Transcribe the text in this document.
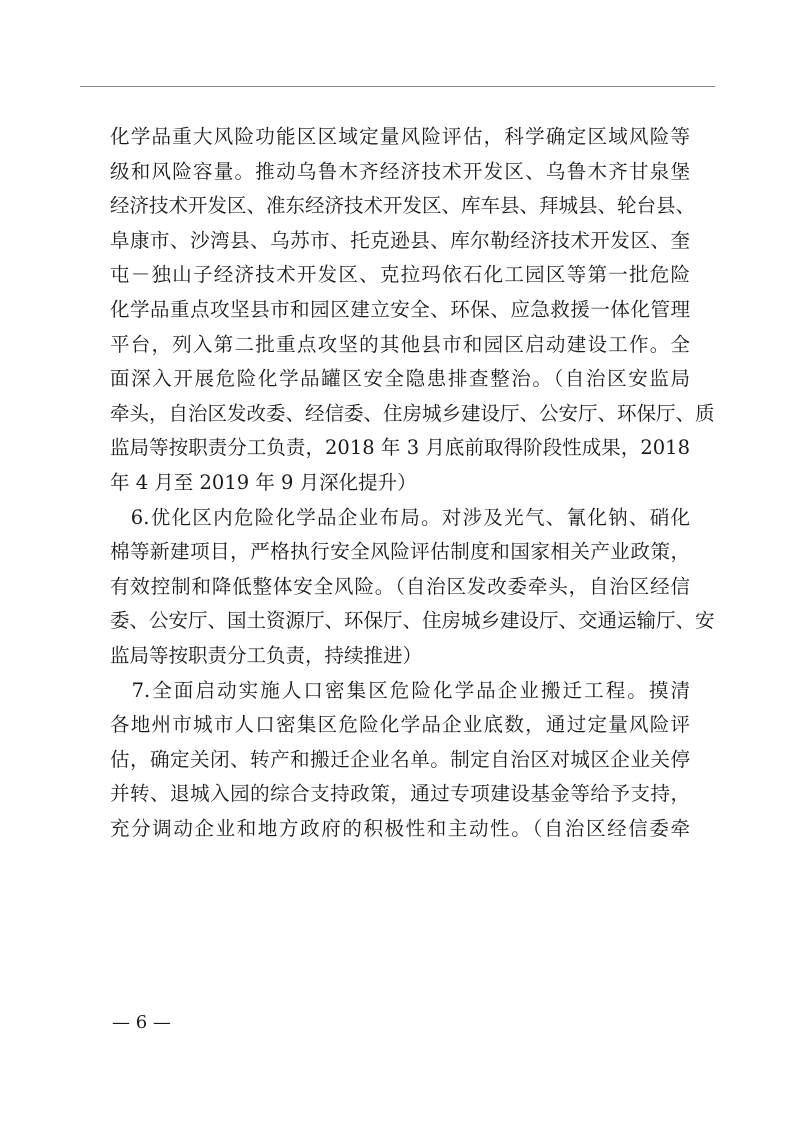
化学品重大风险功能区区域定量风险评估，科学确定区域风险等
级和风险容量。推动乌鲁木齐经济技术开发区、乌鲁木齐甘泉堡
经济技术开发区、准东经济技术开发区、库车县、拜城县、轮台县、
阜康市、沙湾县、乌苏市、托克逊县、库尔勒经济技术开发区、奎
屯－独山子经济技术开发区、克拉玛依石化工园区等第一批危险
化学品重点攻坚县市和园区建立安全、环保、应急救援一体化管理
平台，列入第二批重点攻坚的其他县市和园区启动建设工作。全
面深入开展危险化学品罐区安全隐患排查整治。（自治区安监局
牵头，自治区发改委、经信委、住房城乡建设厅、公安厅、环保厅、质
监局等按职责分工负责，2018 年 3 月底前取得阶段性成果，2018
年 4 月至 2019 年 9 月深化提升）
　6.优化区内危险化学品企业布局。对涉及光气、氰化钠、硝化
棉等新建项目，严格执行安全风险评估制度和国家相关产业政策，
有效控制和降低整体安全风险。（自治区发改委牵头，自治区经信
委、公安厅、国土资源厅、环保厅、住房城乡建设厅、交通运输厅、安
监局等按职责分工负责，持续推进）
　7.全面启动实施人口密集区危险化学品企业搬迁工程。摸清
各地州市城市人口密集区危险化学品企业底数，通过定量风险评
估，确定关闭、转产和搬迁企业名单。制定自治区对城区企业关停
并转、退城入园的综合支持政策，通过专项建设基金等给予支持，
充分调动企业和地方政府的积极性和主动性。（自治区经信委牵
— 6 —
